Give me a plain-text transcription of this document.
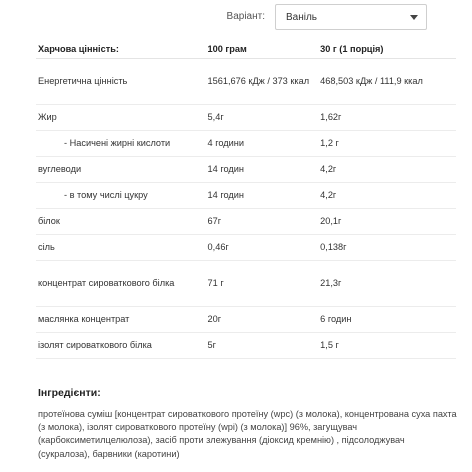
Варіант: Ваніль
Харчова цінність:	100 грам	30 г (1 порція)
Енергетична цінність	1561,676 кДж / 373 ккал	468,503 кДж / 111,9 ккал
Жир	5,4г	1,62г
- Насичені жирні кислоти	4 години	1,2 г
вуглеводи	14 годин	4,2г
- в тому числі цукру	14 годин	4,2г
білок	67г	20,1г
сіль	0,46г	0,138г
концентрат сироваткового білка	71 г	21,3г
маслянка концентрат	20г	6 годин
ізолят сироваткового білка	5г	1,5 г
Інгредієнти:
протеїнова суміш [концентрат сироваткового протеїну (wpc) (з молока), концентрована суха пахта (з молока), ізолят сироваткового протеїну (wpi) (з молока)] 96%, загущувач (карбоксиметилцелюлоза), засіб проти злежування (діоксид кремнію) , підсолоджувач (сукралоза), барвники (каротини)
